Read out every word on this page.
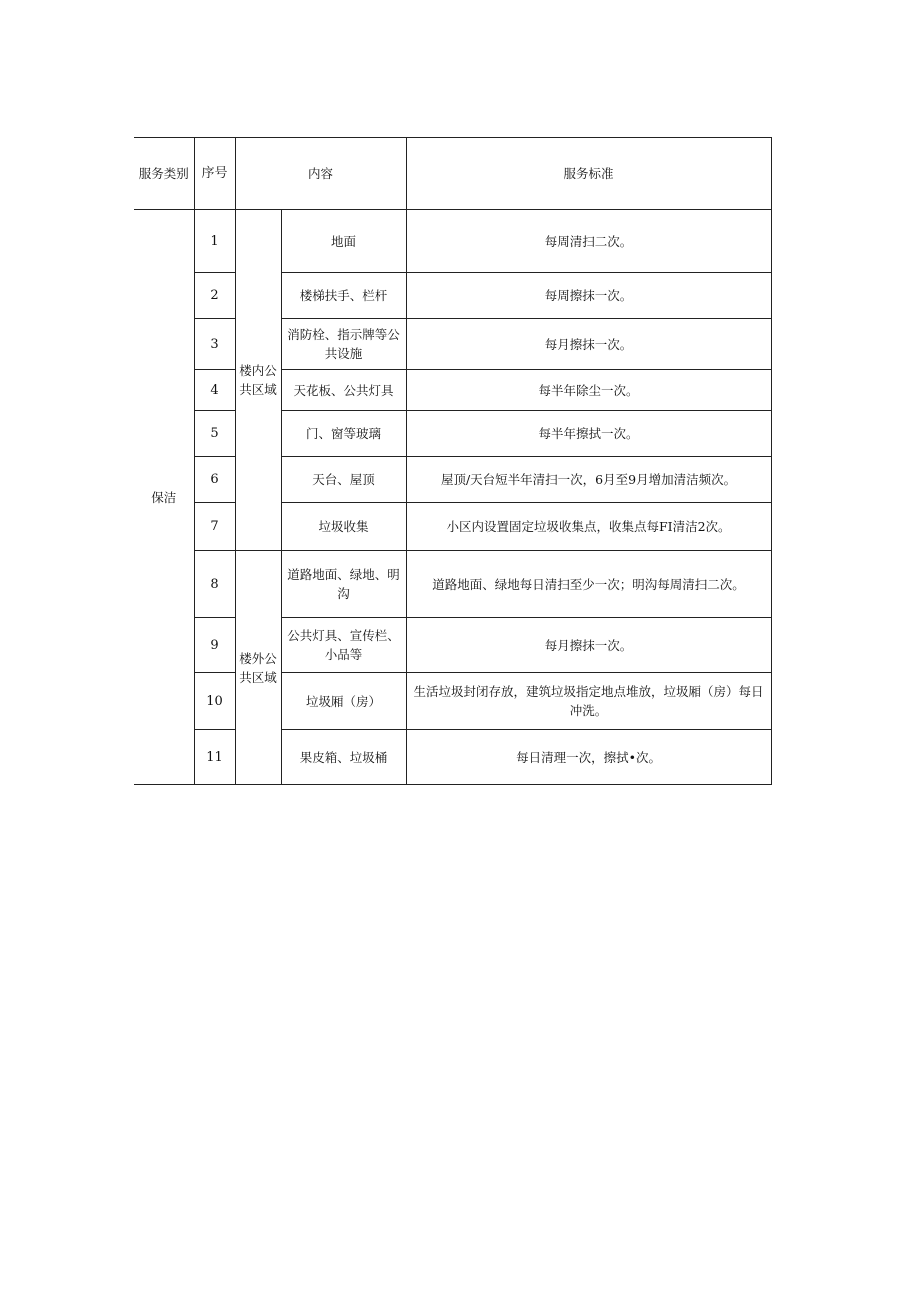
服务类别	序号	内容		服务标准
保洁	1	楼内公共区域	地面	每周清扫二次。
	2		楼梯扶手、栏杆	每周擦抹一次。
	3		消防栓、指示牌等公共设施	每月擦抹一次。
	4		天花板、公共灯具	每半年除尘一次。
	5		门、窗等玻璃	每半年擦拭一次。
	6		天台、屋顶	屋顶/天台短半年清扫一次，6月至9月增加清洁频次。
	7		垃圾收集	小区内设置固定垃圾收集点，收集点每FI清洁2次。
	8	楼外公共区域	道路地面、绿地、明沟	道路地面、绿地每日清扫至少一次；明沟每周清扫二次。
	9		公共灯具、宣传栏、小品等	每月擦抹一次。
	10		垃圾厢（房）	生活垃圾封闭存放，建筑垃圾指定地点堆放，垃圾厢（房）每日冲洗。
	11		果皮箱、垃圾桶	每日清理一次，擦拭•次。
